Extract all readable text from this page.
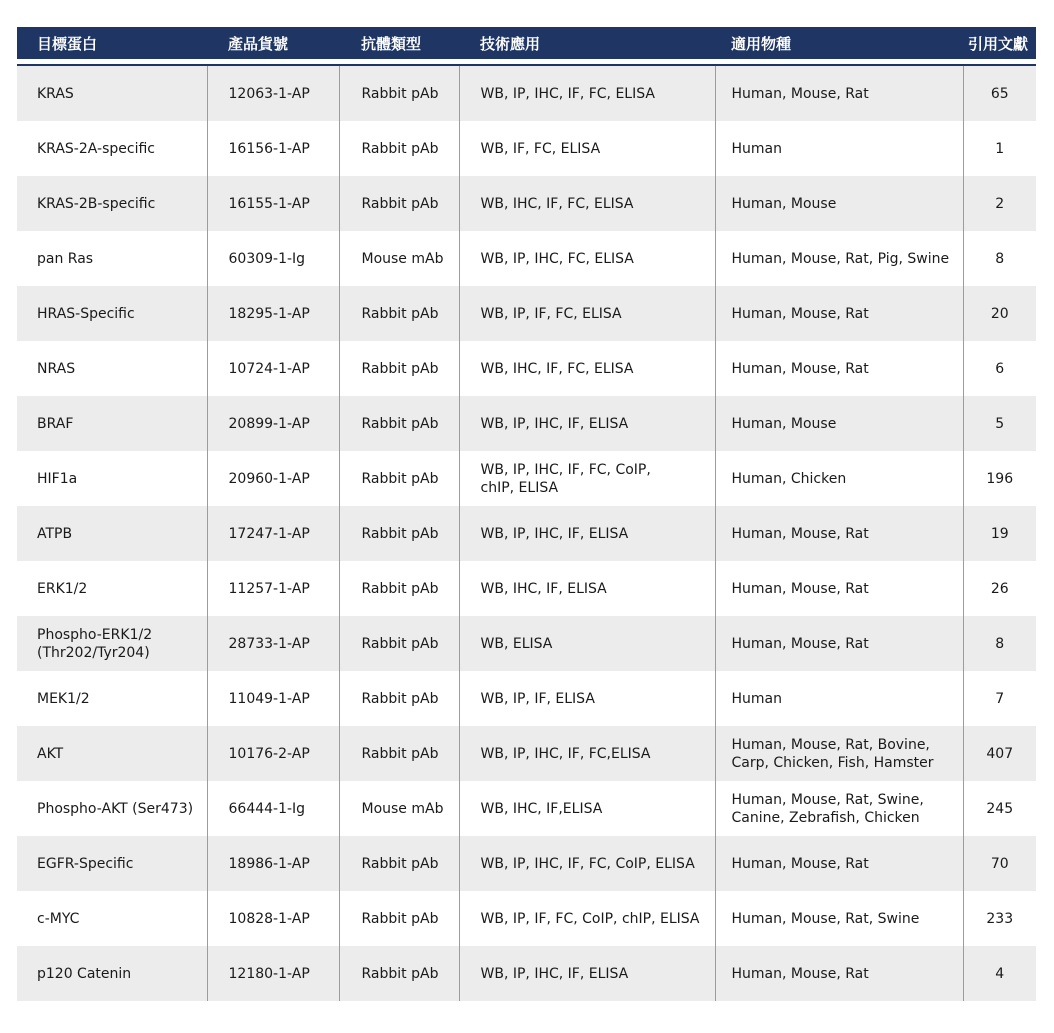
目標蛋白	產品貨號	抗體類型	技術應用	適用物種	引用文獻

KRAS	12063-1-AP	Rabbit pAb	WB, IP, IHC, IF, FC, ELISA	Human, Mouse, Rat	65

KRAS-2A-specific	16156-1-AP	Rabbit pAb	WB, IF, FC, ELISA	Human	1

KRAS-2B-specific	16155-1-AP	Rabbit pAb	WB, IHC, IF, FC, ELISA	Human, Mouse	2

pan Ras	60309-1-Ig	Mouse mAb	WB, IP, IHC, FC, ELISA	Human, Mouse, Rat, Pig, Swine	8

HRAS-Specific	18295-1-AP	Rabbit pAb	WB, IP, IF, FC, ELISA	Human, Mouse, Rat	20

NRAS	10724-1-AP	Rabbit pAb	WB, IHC, IF, FC, ELISA	Human, Mouse, Rat	6

BRAF	20899-1-AP	Rabbit pAb	WB, IP, IHC, IF, ELISA	Human, Mouse	5

HIF1a	20960-1-AP	Rabbit pAb	WB, IP, IHC, IF, FC, CoIP,
chIP, ELISA	Human, Chicken	196

ATPB	17247-1-AP	Rabbit pAb	WB, IP, IHC, IF, ELISA	Human, Mouse, Rat	19

ERK1/2	11257-1-AP	Rabbit pAb	WB, IHC, IF, ELISA	Human, Mouse, Rat	26

Phospho-ERK1/2
(Thr202/Tyr204)	28733-1-AP	Rabbit pAb	WB, ELISA	Human, Mouse, Rat	8

MEK1/2	11049-1-AP	Rabbit pAb	WB, IP, IF, ELISA	Human	7

AKT	10176-2-AP	Rabbit pAb	WB, IP, IHC, IF, FC,ELISA	Human, Mouse, Rat, Bovine,
Carp, Chicken, Fish, Hamster	407

Phospho-AKT (Ser473)	66444-1-Ig	Mouse mAb	WB, IHC, IF,ELISA	Human, Mouse, Rat, Swine,
Canine, Zebrafish, Chicken	245

EGFR-Specific	18986-1-AP	Rabbit pAb	WB, IP, IHC, IF, FC, CoIP, ELISA	Human, Mouse, Rat	70

c-MYC	10828-1-AP	Rabbit pAb	WB, IP, IF, FC, CoIP, chIP, ELISA	Human, Mouse, Rat, Swine	233

p120 Catenin	12180-1-AP	Rabbit pAb	WB, IP, IHC, IF, ELISA	Human, Mouse, Rat	4
